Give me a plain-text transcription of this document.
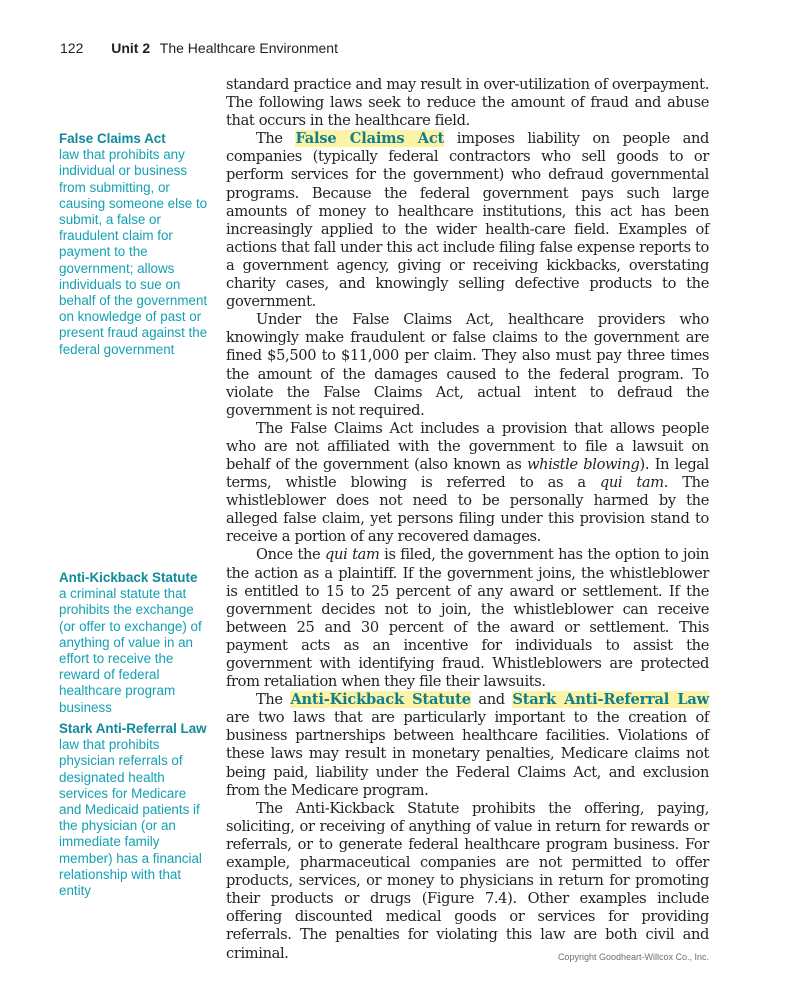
122 Unit 2 The Healthcare Environment
False Claims Act
law that prohibits any individual or business from submitting, or causing someone else to submit, a false or fraudulent claim for payment to the government; allows individuals to sue on behalf of the government on knowledge of past or present fraud against the federal government
Anti-Kickback Statute
a criminal statute that prohibits the exchange (or offer to exchange) of anything of value in an effort to receive the reward of federal healthcare program business
Stark Anti-Referral Law
law that prohibits physician referrals of designated health services for Medicare and Medicaid patients if the physician (or an immediate family member) has a financial relationship with that entity

standard practice and may result in over-utilization of overpayment. The following laws seek to reduce the amount of fraud and abuse that occurs in the healthcare field.

The False Claims Act imposes liability on people and companies (typically federal contractors who sell goods to or perform services for the government) who defraud governmental programs. Because the federal government pays such large amounts of money to healthcare institutions, this act has been increasingly applied to the wider health-care field. Examples of actions that fall under this act include filing false expense reports to a government agency, giving or receiving kickbacks, overstating charity cases, and knowingly selling defective products to the government.

Under the False Claims Act, healthcare providers who knowingly make fraudulent or false claims to the government are fined $5,500 to $11,000 per claim. They also must pay three times the amount of the damages caused to the federal program. To violate the False Claims Act, actual intent to defraud the government is not required.

The False Claims Act includes a provision that allows people who are not affiliated with the government to file a lawsuit on behalf of the government (also known as whistle blowing). In legal terms, whistle blowing is referred to as a qui tam. The whistleblower does not need to be personally harmed by the alleged false claim, yet persons filing under this provision stand to receive a portion of any recovered damages.

Once the qui tam is filed, the government has the option to join the action as a plaintiff. If the government joins, the whistleblower is entitled to 15 to 25 percent of any award or settlement. If the government decides not to join, the whistleblower can receive between 25 and 30 percent of the award or settlement. This payment acts as an incentive for individuals to assist the government with identifying fraud. Whistleblowers are protected from retaliation when they file their lawsuits.

The Anti-Kickback Statute and Stark Anti-Referral Law are two laws that are particularly important to the creation of business partnerships between healthcare facilities. Violations of these laws may result in monetary penalties, Medicare claims not being paid, liability under the Federal Claims Act, and exclusion from the Medicare program.

The Anti-Kickback Statute prohibits the offering, paying, soliciting, or receiving of anything of value in return for rewards or referrals, or to generate federal healthcare program business. For example, pharmaceutical companies are not permitted to offer products, services, or money to physicians in return for promoting their products or drugs (Figure 7.4). Other examples include offering discounted medical goods or services for providing referrals. The penalties for violating this law are both civil and criminal.	Copyright Goodheart-Willcox Co., Inc.
